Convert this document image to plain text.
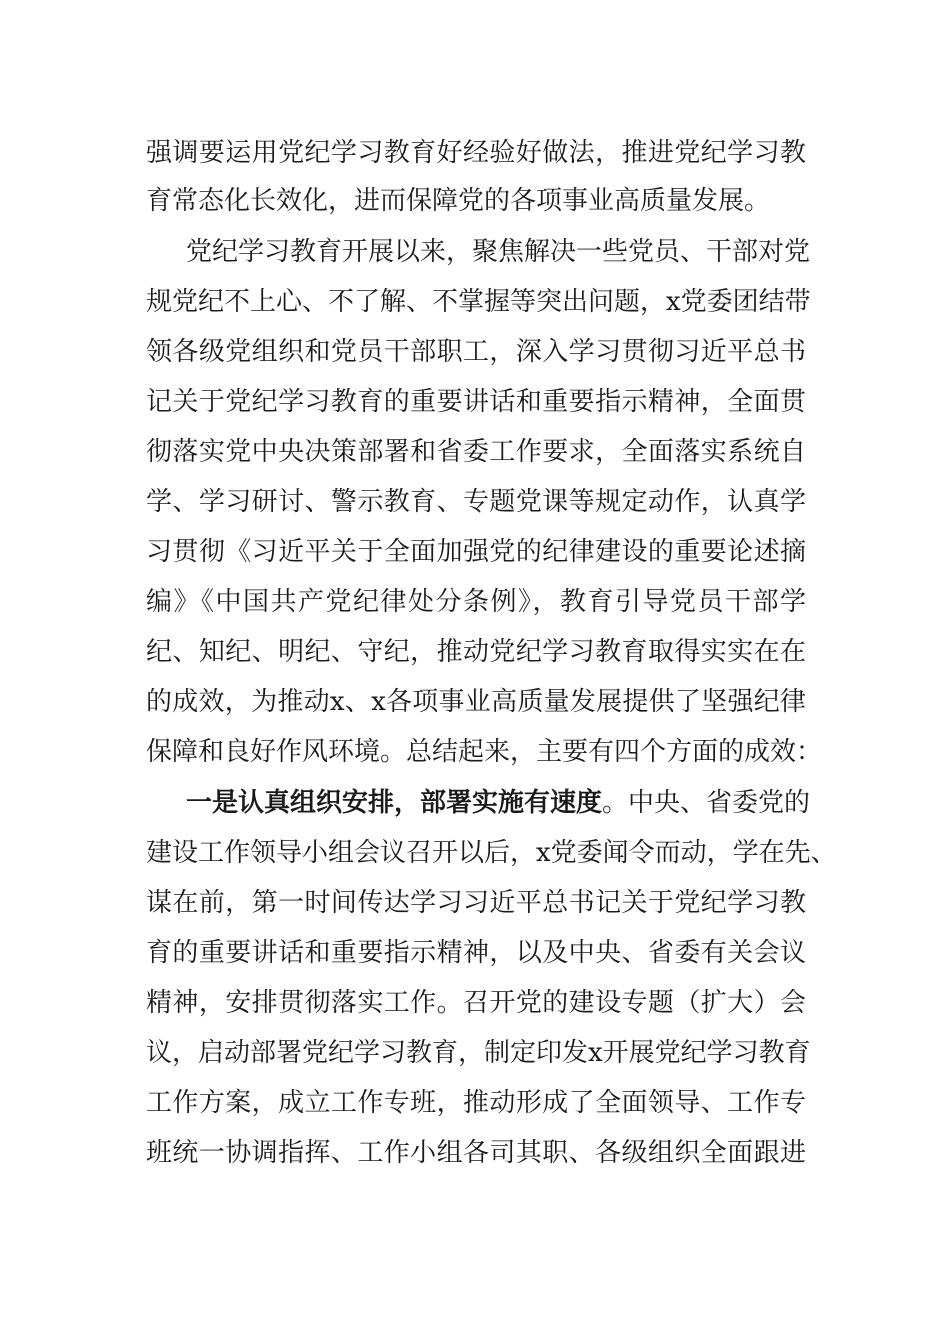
强调要运用党纪学习教育好经验好做法，推进党纪学习教
育常态化长效化，进而保障党的各项事业高质量发展。
党纪学习教育开展以来，聚焦解决一些党员、干部对党
规党纪不上心、不了解、不掌握等突出问题，x党委团结带
领各级党组织和党员干部职工，深入学习贯彻习近平总书
记关于党纪学习教育的重要讲话和重要指示精神，全面贯
彻落实党中央决策部署和省委工作要求，全面落实系统自
学、学习研讨、警示教育、专题党课等规定动作，认真学
习贯彻《习近平关于全面加强党的纪律建设的重要论述摘
编》《中国共产党纪律处分条例》，教育引导党员干部学
纪、知纪、明纪、守纪，推动党纪学习教育取得实实在在
的成效，为推动x、x各项事业高质量发展提供了坚强纪律
保障和良好作风环境。总结起来，主要有四个方面的成效：
一是认真组织安排，部署实施有速度。中央、省委党的
建设工作领导小组会议召开以后，x党委闻令而动，学在先、
谋在前，第一时间传达学习习近平总书记关于党纪学习教
育的重要讲话和重要指示精神，以及中央、省委有关会议
精神，安排贯彻落实工作。召开党的建设专题（扩大）会
议，启动部署党纪学习教育，制定印发x开展党纪学习教育
工作方案，成立工作专班，推动形成了全面领导、工作专
班统一协调指挥、工作小组各司其职、各级组织全面跟进
